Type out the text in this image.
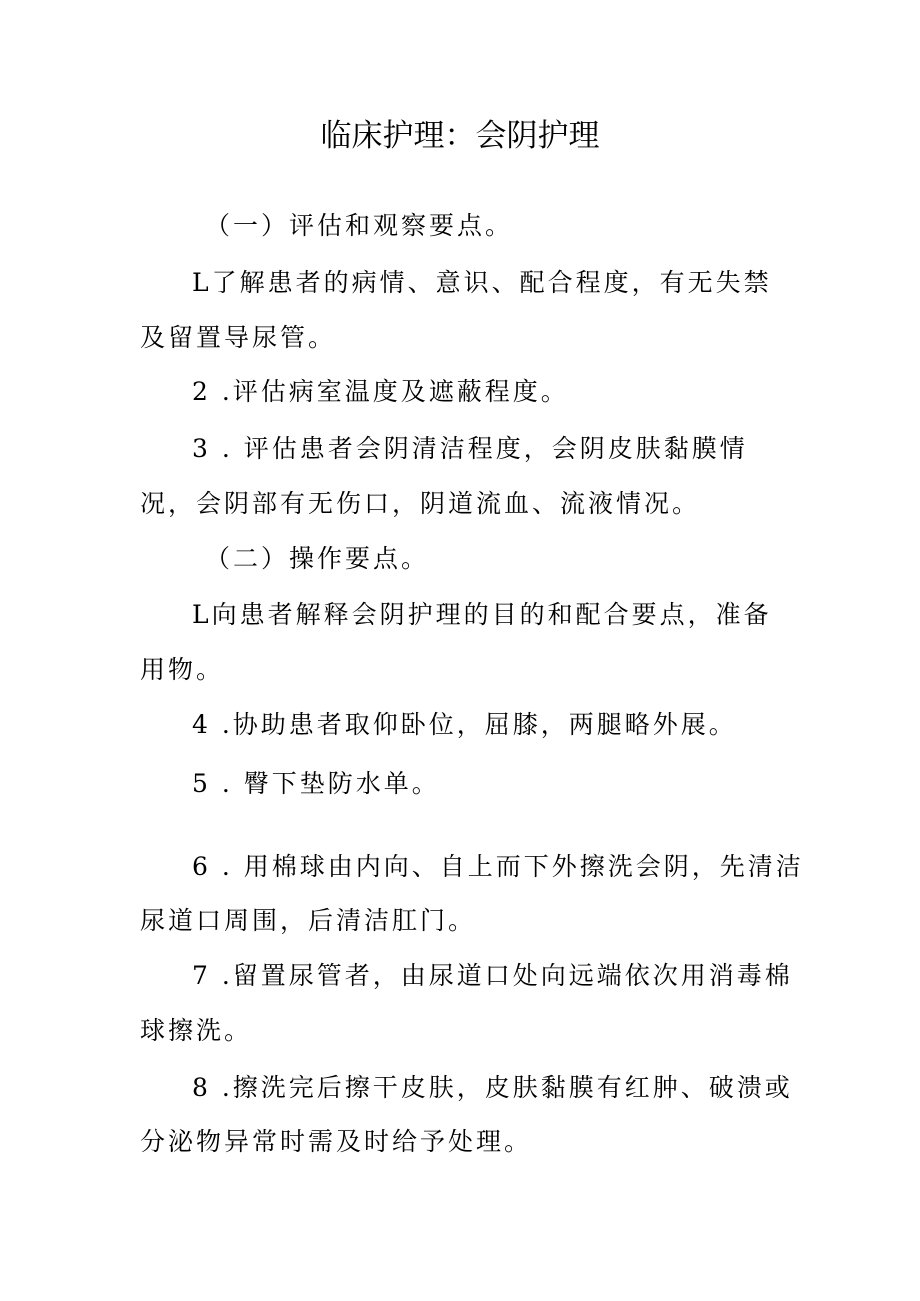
临床护理：会阴护理

（一）评估和观察要点。

L了解患者的病情、意识、配合程度，有无失禁

及留置导尿管。

2 .评估病室温度及遮蔽程度。

3 . 评估患者会阴清洁程度，会阴皮肤黏膜情

况，会阴部有无伤口，阴道流血、流液情况。

（二）操作要点。

L向患者解释会阴护理的目的和配合要点，准备

用物。

4 .协助患者取仰卧位，屈膝，两腿略外展。

5 . 臀下垫防水单。

6 . 用棉球由内向、自上而下外擦洗会阴，先清洁

尿道口周围，后清洁肛门。

7 .留置尿管者，由尿道口处向远端依次用消毒棉

球擦洗。

8 .擦洗完后擦干皮肤，皮肤黏膜有红肿、破溃或

分泌物异常时需及时给予处理。
